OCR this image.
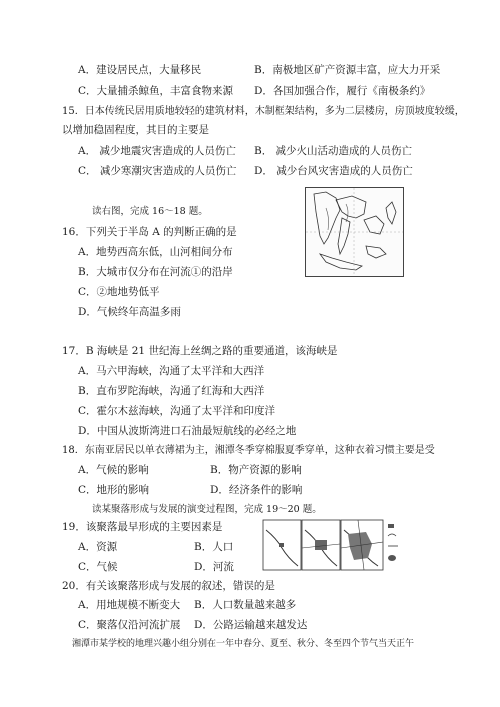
A．建设居民点，大量移民	B．南极地区矿产资源丰富，应大力开采
C．大量捕杀鲸鱼，丰富食物来源 D．各国加强合作，履行《南极条约》
15．日本传统民居用质地较轻的建筑材料，木制框架结构，多为二层楼房，房顶坡度较缓，
以增加稳固程度，其目的主要是
A． 减少地震灾害造成的人员伤亡 B． 减少火山活动造成的人员伤亡
C． 减少寒潮灾害造成的人员伤亡 D． 减少台风灾害造成的人员伤亡
读右图，完成 16～18 题。
16．下列关于半岛 A 的判断正确的是
A．地势西高东低，山河相间分布
B．大城市仅分布在河流①的沿岸
C．②地地势低平
D．气候终年高温多雨
17．B 海峡是 21 世纪海上丝绸之路的重要通道，该海峡是
A．马六甲海峡，沟通了太平洋和大西洋
B．直布罗陀海峡，沟通了红海和大西洋
C．霍尔木兹海峡，沟通了太平洋和印度洋
D．中国从波斯湾进口石油最短航线的必经之地
18．东南亚居民以单衣薄裙为主，湘潭冬季穿棉服夏季穿单，这种衣着习惯主要是受
A．气候的影响	B．物产资源的影响
C．地形的影响	D．经济条件的影响
读某聚落形成与发展的演变过程图，完成 19～20 题。
19．该聚落最早形成的主要因素是
A．资源	B．人口
C．气候	D．河流
20．有关该聚落形成与发展的叙述，错误的是
A．用地规模不断变大 B．人口数量越来越多
C．聚落仅沿河流扩展 D．公路运输越来越发达
湘潭市某学校的地理兴趣小组分别在一年中春分、夏至、秋分、冬至四个节气当天正午
